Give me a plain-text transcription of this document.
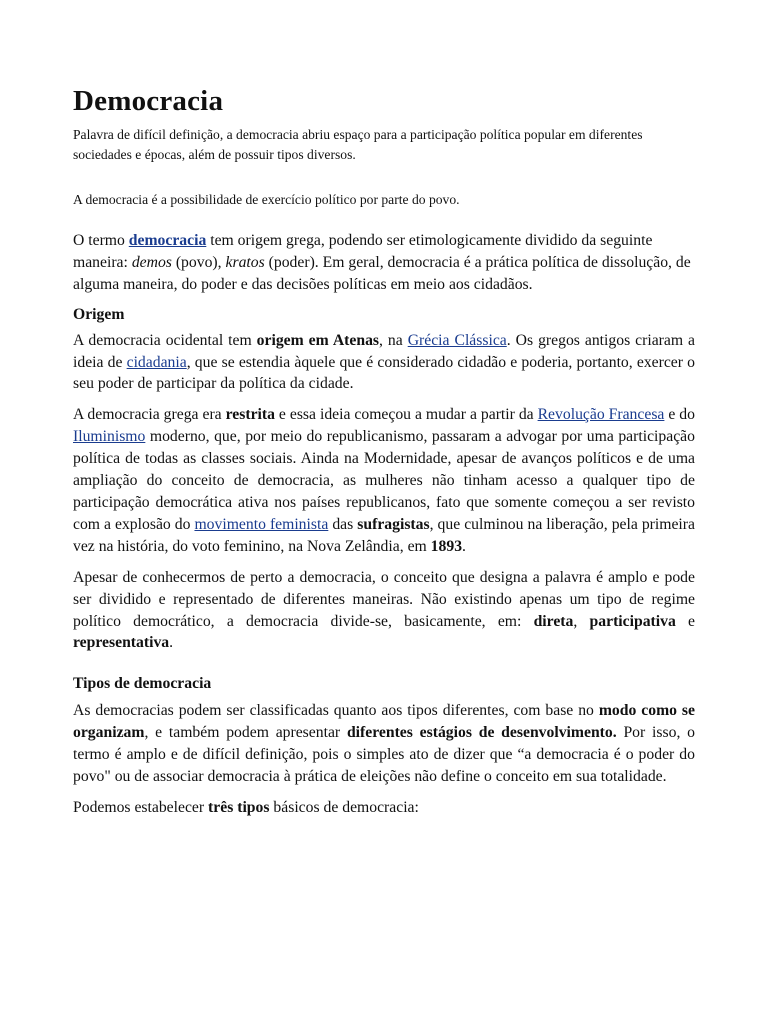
Democracia

Palavra de difícil definição, a democracia abriu espaço para a participação política popular em diferentes sociedades e épocas, além de possuir tipos diversos.

A democracia é a possibilidade de exercício político por parte do povo.

O termo democracia tem origem grega, podendo ser etimologicamente dividido da seguinte maneira: demos (povo), kratos (poder). Em geral, democracia é a prática política de dissolução, de alguma maneira, do poder e das decisões políticas em meio aos cidadãos.

Origem

A democracia ocidental tem origem em Atenas, na Grécia Clássica. Os gregos antigos criaram a ideia de cidadania, que se estendia àquele que é considerado cidadão e poderia, portanto, exercer o seu poder de participar da política da cidade.

A democracia grega era restrita e essa ideia começou a mudar a partir da Revolução Francesa e do Iluminismo moderno, que, por meio do republicanismo, passaram a advogar por uma participação política de todas as classes sociais. Ainda na Modernidade, apesar de avanços políticos e de uma ampliação do conceito de democracia, as mulheres não tinham acesso a qualquer tipo de participação democrática ativa nos países republicanos, fato que somente começou a ser revisto com a explosão do movimento feminista das sufragistas, que culminou na liberação, pela primeira vez na história, do voto feminino, na Nova Zelândia, em 1893.

Apesar de conhecermos de perto a democracia, o conceito que designa a palavra é amplo e pode ser dividido e representado de diferentes maneiras. Não existindo apenas um tipo de regime político democrático, a democracia divide-se, basicamente, em: direta, participativa e representativa.

Tipos de democracia

As democracias podem ser classificadas quanto aos tipos diferentes, com base no modo como se organizam, e também podem apresentar diferentes estágios de desenvolvimento. Por isso, o termo é amplo e de difícil definição, pois o simples ato de dizer que “a democracia é o poder do povo" ou de associar democracia à prática de eleições não define o conceito em sua totalidade.

Podemos estabelecer três tipos básicos de democracia:
